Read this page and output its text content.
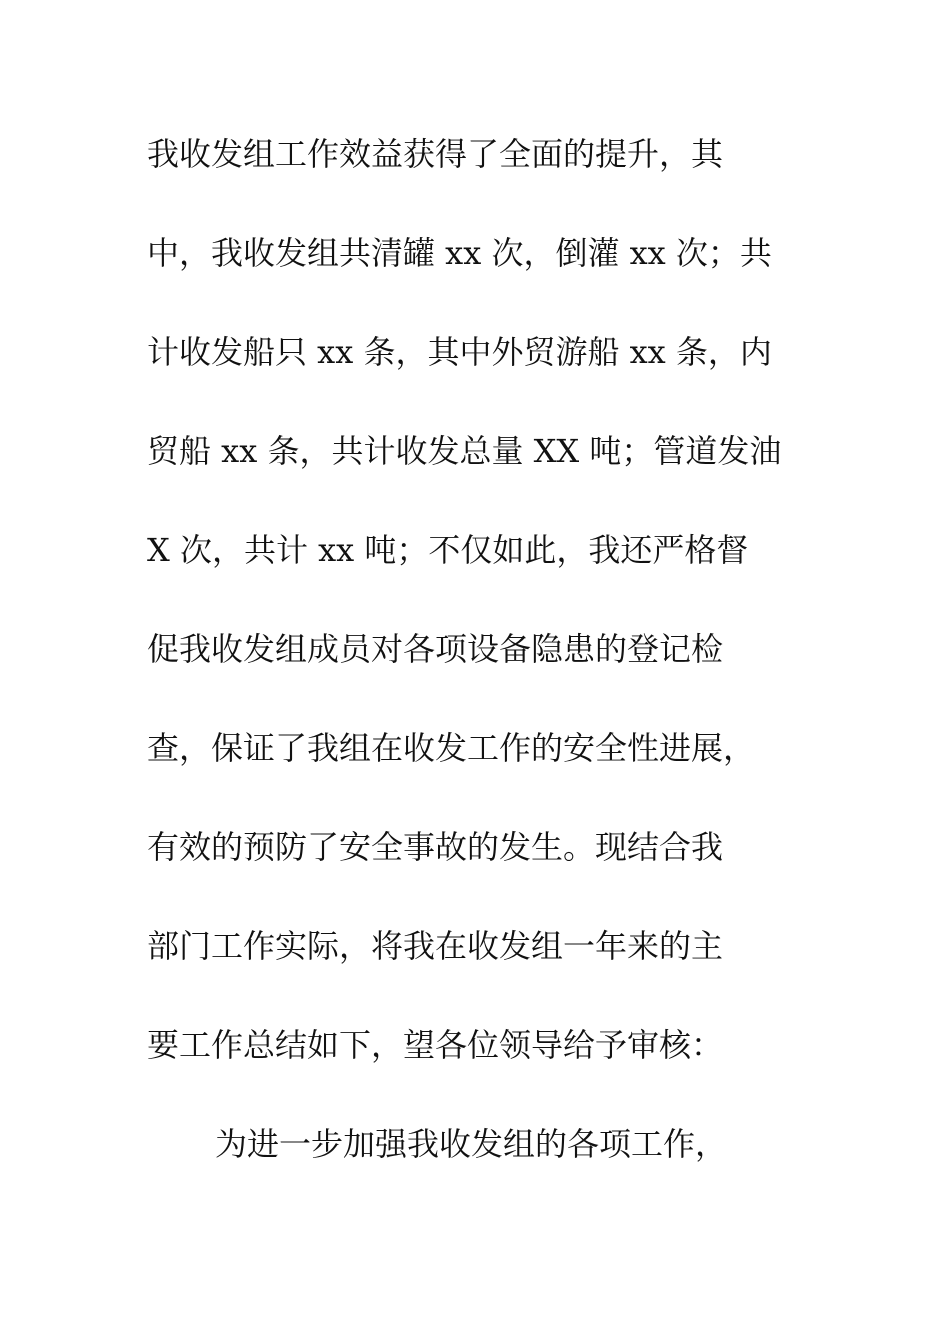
我收发组工作效益获得了全面的提升，其
中，我收发组共清罐 xx 次，倒灌 xx 次；共
计收发船只 xx 条，其中外贸游船 xx 条，内
贸船 xx 条，共计收发总量 XX 吨；管道发油
X 次，共计 xx 吨；不仅如此，我还严格督
促我收发组成员对各项设备隐患的登记检
查，保证了我组在收发工作的安全性进展，
有效的预防了安全事故的发生。现结合我
部门工作实际，将我在收发组一年来的主
要工作总结如下，望各位领导给予审核：
为进一步加强我收发组的各项工作，
